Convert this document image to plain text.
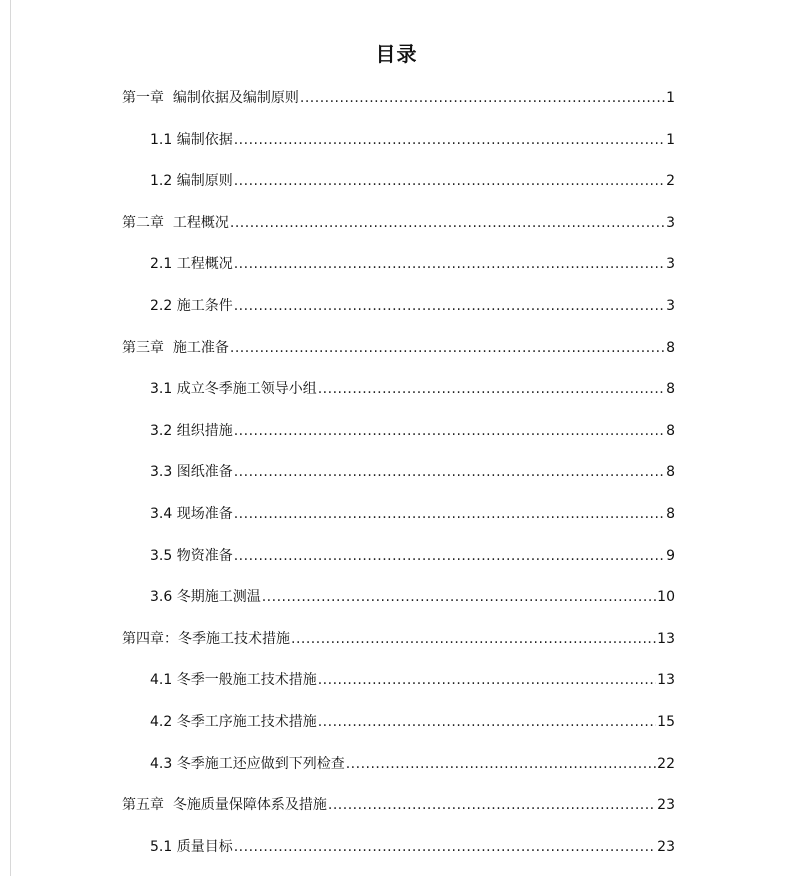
目录
第一章  编制依据及编制原则 .....	1
1.1 编制依据 .....	1
1.2 编制原则 .....	2
第二章  工程概况 .....	3
2.1 工程概况 .....	3
2.2 施工条件 .....	3
第三章  施工准备 .....	8
3.1 成立冬季施工领导小组 .....	8
3.2 组织措施 .....	8
3.3 图纸准备 .....	8
3.4 现场准备 .....	8
3.5 物资准备 .....	9
3.6 冬期施工测温 .....	10
第四章：冬季施工技术措施 .....	13
4.1 冬季一般施工技术措施 .....	13
4.2 冬季工序施工技术措施 .....	15
4.3 冬季施工还应做到下列检查 .....	22
第五章  冬施质量保障体系及措施 .....	23
5.1 质量目标 .....	23
